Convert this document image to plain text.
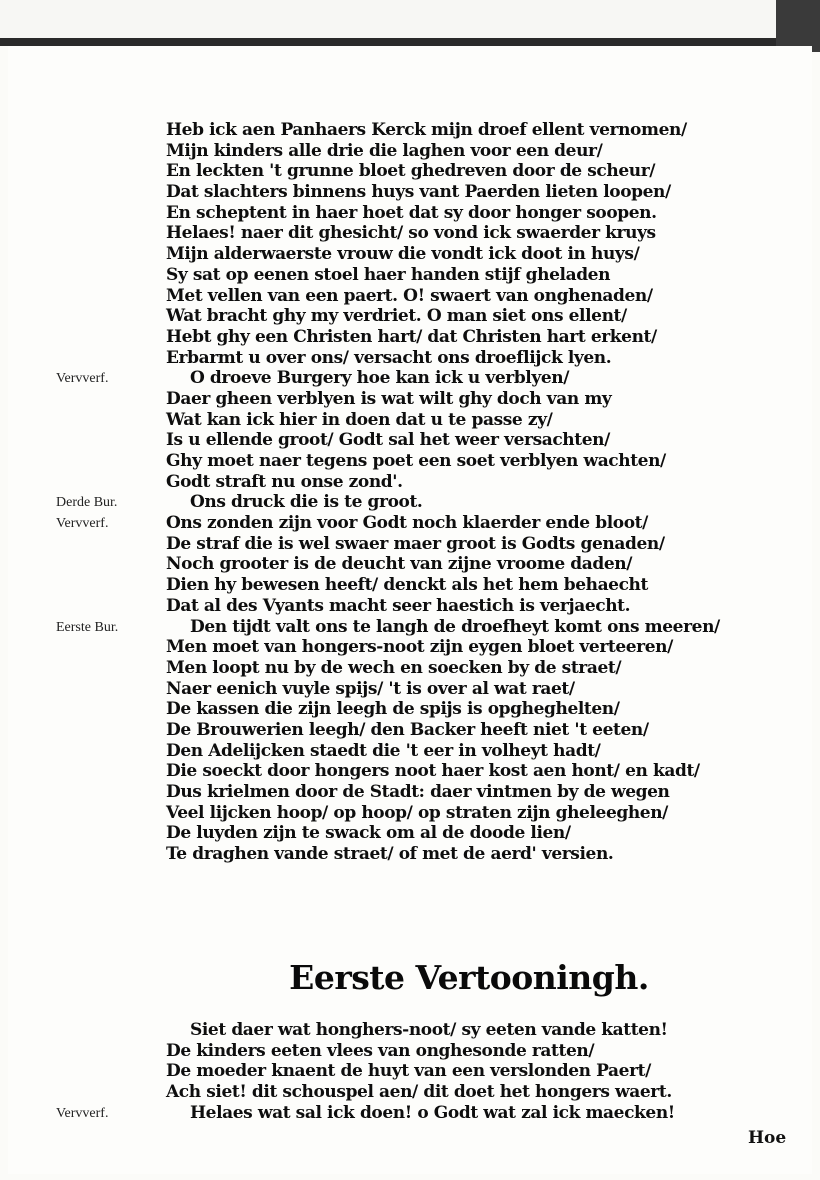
Heb ick aen Panhaers Kerck mijn droef ellent vernomen/
Mijn kinders alle drie die laghen voor een deur/
En leckten 't grunne bloet ghedreven door de scheur/
Dat slachters binnens huys vant Paerden lieten loopen/
En scheptent in haer hoet dat sy door honger soopen.
Helaes! naer dit ghesicht/ so vond ick swaerder kruys
Mijn alderwaerste vrouw die vondt ick doot in huys/
Sy sat op eenen stoel haer handen stijf gheladen
Met vellen van een paert. O! swaert van onghenaden/
Wat bracht ghy my verdriet. O man siet ons ellent/
Hebt ghy een Christen hart/ dat Christen hart erkent/
Erbarmt u over ons/ versacht ons droeflijck lyen.
Vervverf.	O droeve Burgery hoe kan ick u verblyen/
Daer gheen verblyen is wat wilt ghy doch van my
Wat kan ick hier in doen dat u te passe zy/
Is u ellende groot/ Godt sal het weer versachten/
Ghy moet naer tegens poet een soet verblyen wachten/
Godt straft nu onse zond'.
Derde Bur.	Ons druck die is te groot.
Vervverf.	Ons zonden zijn voor Godt noch klaerder ende bloot/
De straf die is wel swaer maer groot is Godts genaden/
Noch grooter is de deucht van zijne vroome daden/
Dien hy bewesen heeft/ denckt als het hem behaecht
Dat al des Vyants macht seer haestich is verjaecht.
Eerste Bur.	Den tijdt valt ons te langh de droefheyt komt ons meeren/
Men moet van hongers-noot zijn eygen bloet verteeren/
Men loopt nu by de wech en soecken by de straet/
Naer eenich vuyle spijs/ 't is over al wat raet/
De kassen die zijn leegh de spijs is opgheghelten/
De Brouwerien leegh/ den Backer heeft niet 't eeten/
Den Adelijcken staedt die 't eer in volheyt hadt/
Die soeckt door hongers noot haer kost aen hont/ en kadt/
Dus krielmen door de Stadt: daer vintmen by de wegen
Veel lijcken hoop/ op hoop/ op straten zijn gheleeghen/
De luyden zijn te swack om al de doode lien/
Te draghen vande straet/ of met de aerd' versien.
Eerste Vertooningh.
Siet daer wat honghers-noot/ sy eeten vande katten!
De kinders eeten vlees van onghesonde ratten/
De moeder knaent de huyt van een verslonden Paert/
Ach siet! dit schouspel aen/ dit doet het hongers waert.
Vervverf.	Helaes wat sal ick doen! o Godt wat zal ick maecken!
Hoe
